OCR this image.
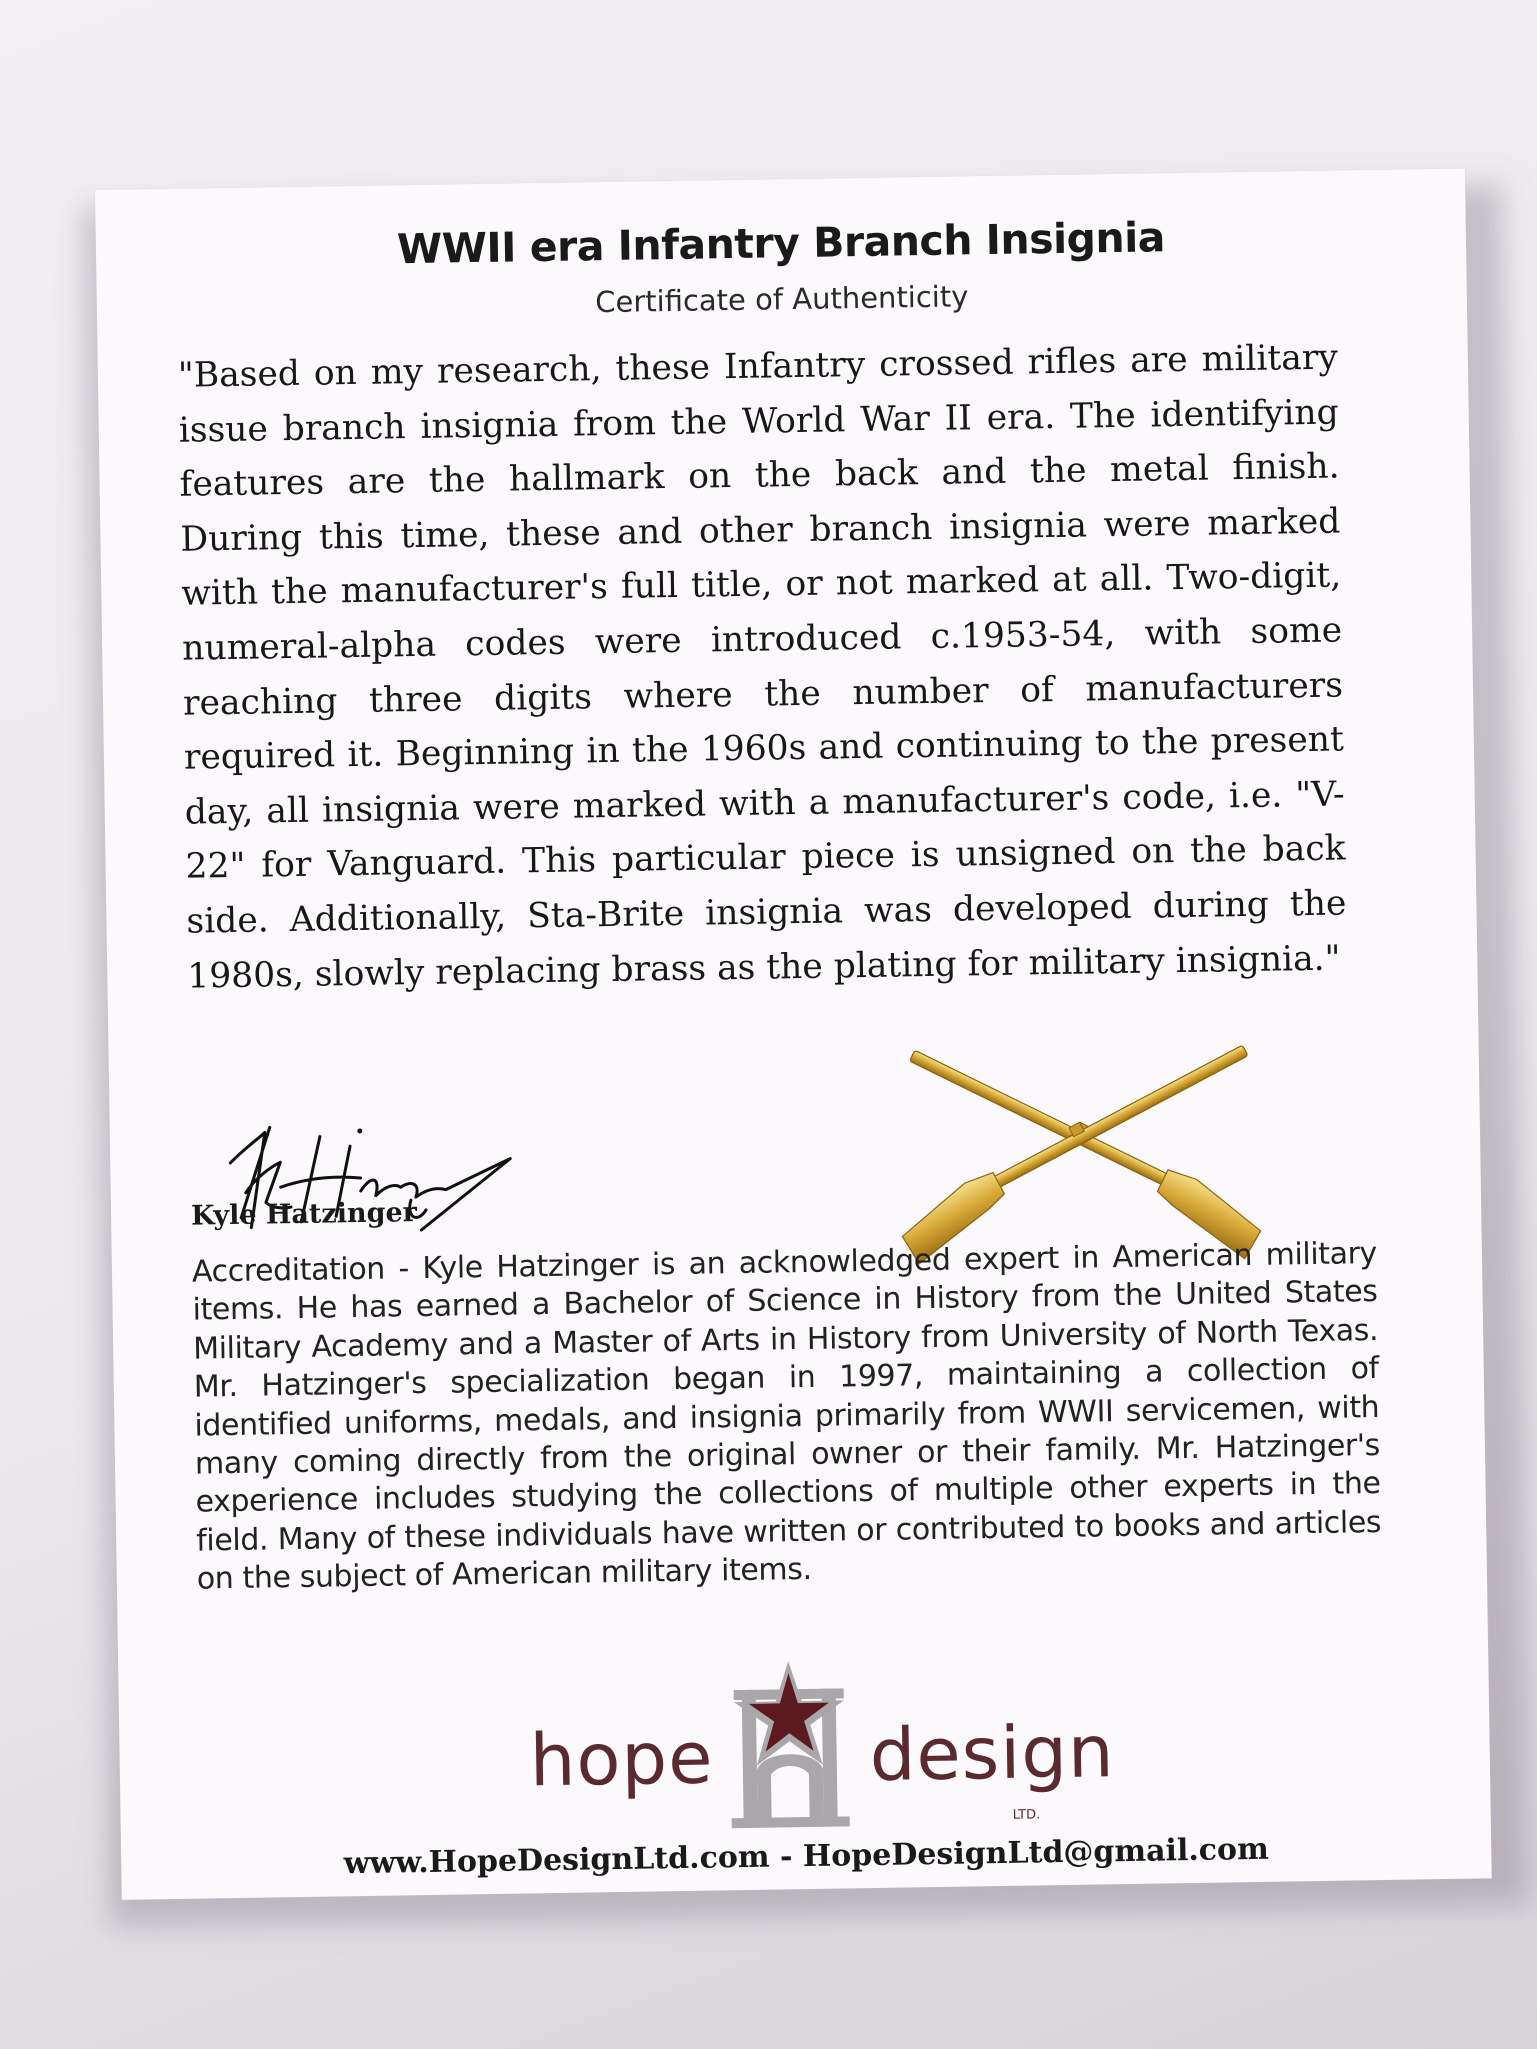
WWII era Infantry Branch Insignia
Certificate of Authenticity

"Based on my research, these Infantry crossed rifles are military issue branch insignia from the World War II era. The identifying features are the hallmark on the back and the metal finish. During this time, these and other branch insignia were marked with the manufacturer's full title, or not marked at all. Two-digit, numeral-alpha codes were introduced c.1953-54, with some reaching three digits where the number of manufacturers required it. Beginning in the 1960s and continuing to the present day, all insignia were marked with a manufacturer's code, i.e. "V-22" for Vanguard. This particular piece is unsigned on the back side. Additionally, Sta-Brite insignia was developed during the 1980s, slowly replacing brass as the plating for military insignia."

Kyle Hatzinger

Accreditation - Kyle Hatzinger is an acknowledged expert in American military items. He has earned a Bachelor of Science in History from the United States Military Academy and a Master of Arts in History from University of North Texas. Mr. Hatzinger's specialization began in 1997, maintaining a collection of identified uniforms, medals, and insignia primarily from WWII servicemen, with many coming directly from the original owner or their family. Mr. Hatzinger's experience includes studying the collections of multiple other experts in the field. Many of these individuals have written or contributed to books and articles on the subject of American military items.

hope design
LTD.
www.HopeDesignLtd.com - HopeDesignLtd@gmail.com
